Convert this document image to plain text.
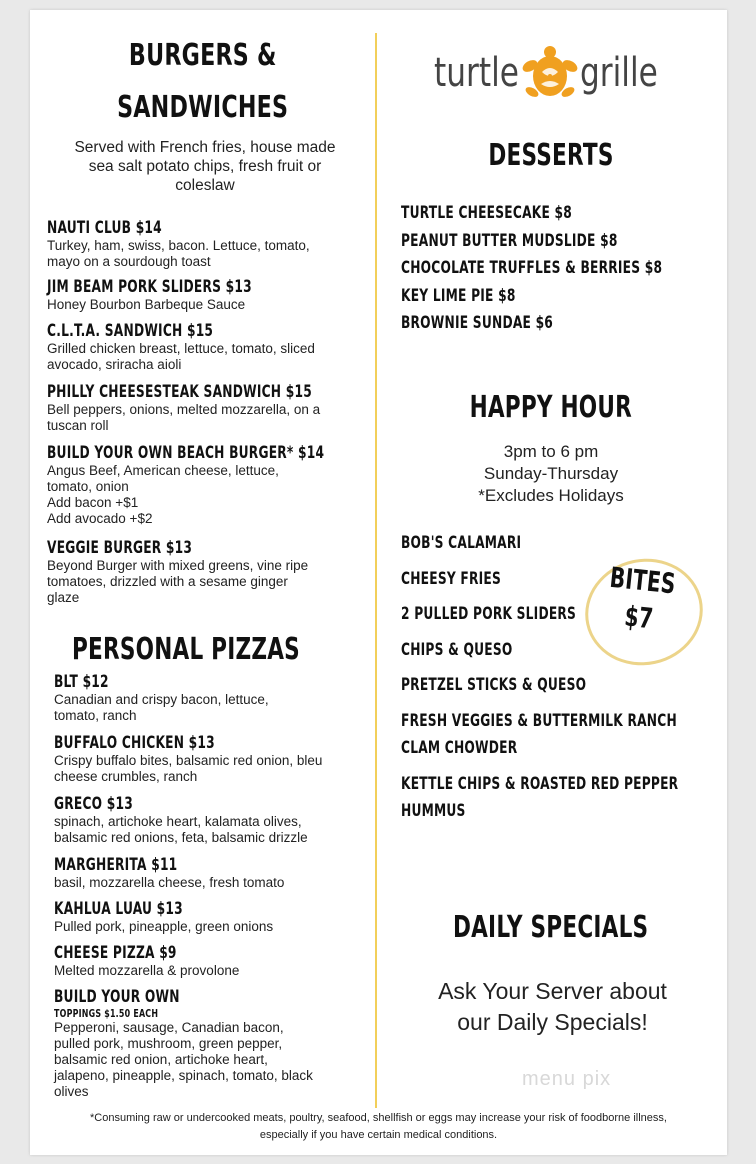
BURGERS &
SANDWICHES
Served with French fries, house made
sea salt potato chips, fresh fruit or
coleslaw
NAUTI CLUB $14
Turkey, ham, swiss, bacon. Lettuce, tomato,
mayo on a sourdough toast
JIM BEAM PORK SLIDERS $13
Honey Bourbon Barbeque Sauce
C.L.T.A. SANDWICH $15
Grilled chicken breast, lettuce, tomato, sliced
avocado, sriracha aioli
PHILLY CHEESESTEAK SANDWICH $15
Bell peppers, onions, melted mozzarella, on a
tuscan roll
BUILD YOUR OWN BEACH BURGER* $14
Angus Beef, American cheese, lettuce,
tomato, onion
Add bacon +$1
Add avocado +$2
VEGGIE BURGER $13
Beyond Burger with mixed greens, vine ripe
tomatoes, drizzled with a sesame ginger
glaze
PERSONAL PIZZAS
BLT $12
Canadian and crispy bacon, lettuce,
tomato, ranch
BUFFALO CHICKEN $13
Crispy buffalo bites, balsamic red onion, bleu
cheese crumbles, ranch
GRECO $13
spinach, artichoke heart, kalamata olives,
balsamic red onions, feta, balsamic drizzle
MARGHERITA $11
basil, mozzarella cheese, fresh tomato
KAHLUA LUAU $13
Pulled pork, pineapple, green onions
CHEESE PIZZA $9
Melted mozzarella & provolone
BUILD YOUR OWN
TOPPINGS $1.50 EACH
Pepperoni, sausage, Canadian bacon,
pulled pork, mushroom, green pepper,
balsamic red onion, artichoke heart,
jalapeno, pineapple, spinach, tomato, black
olives
turtle grille
DESSERTS
TURTLE CHEESECAKE $8
PEANUT BUTTER MUDSLIDE $8
CHOCOLATE TRUFFLES & BERRIES $8
KEY LIME PIE $8
BROWNIE SUNDAE $6
HAPPY HOUR
3pm to 6 pm
Sunday-Thursday
*Excludes Holidays
BOB'S CALAMARI
CHEESY FRIES
2 PULLED PORK SLIDERS
CHIPS & QUESO
PRETZEL STICKS & QUESO
FRESH VEGGIES & BUTTERMILK RANCH
CLAM CHOWDER
KETTLE CHIPS & ROASTED RED PEPPER
HUMMUS
BITES $7
DAILY SPECIALS
Ask Your Server about
our Daily Specials!
menu pix
*Consuming raw or undercooked meats, poultry, seafood, shellfish or eggs may increase your risk of foodborne illness,
especially if you have certain medical conditions.
